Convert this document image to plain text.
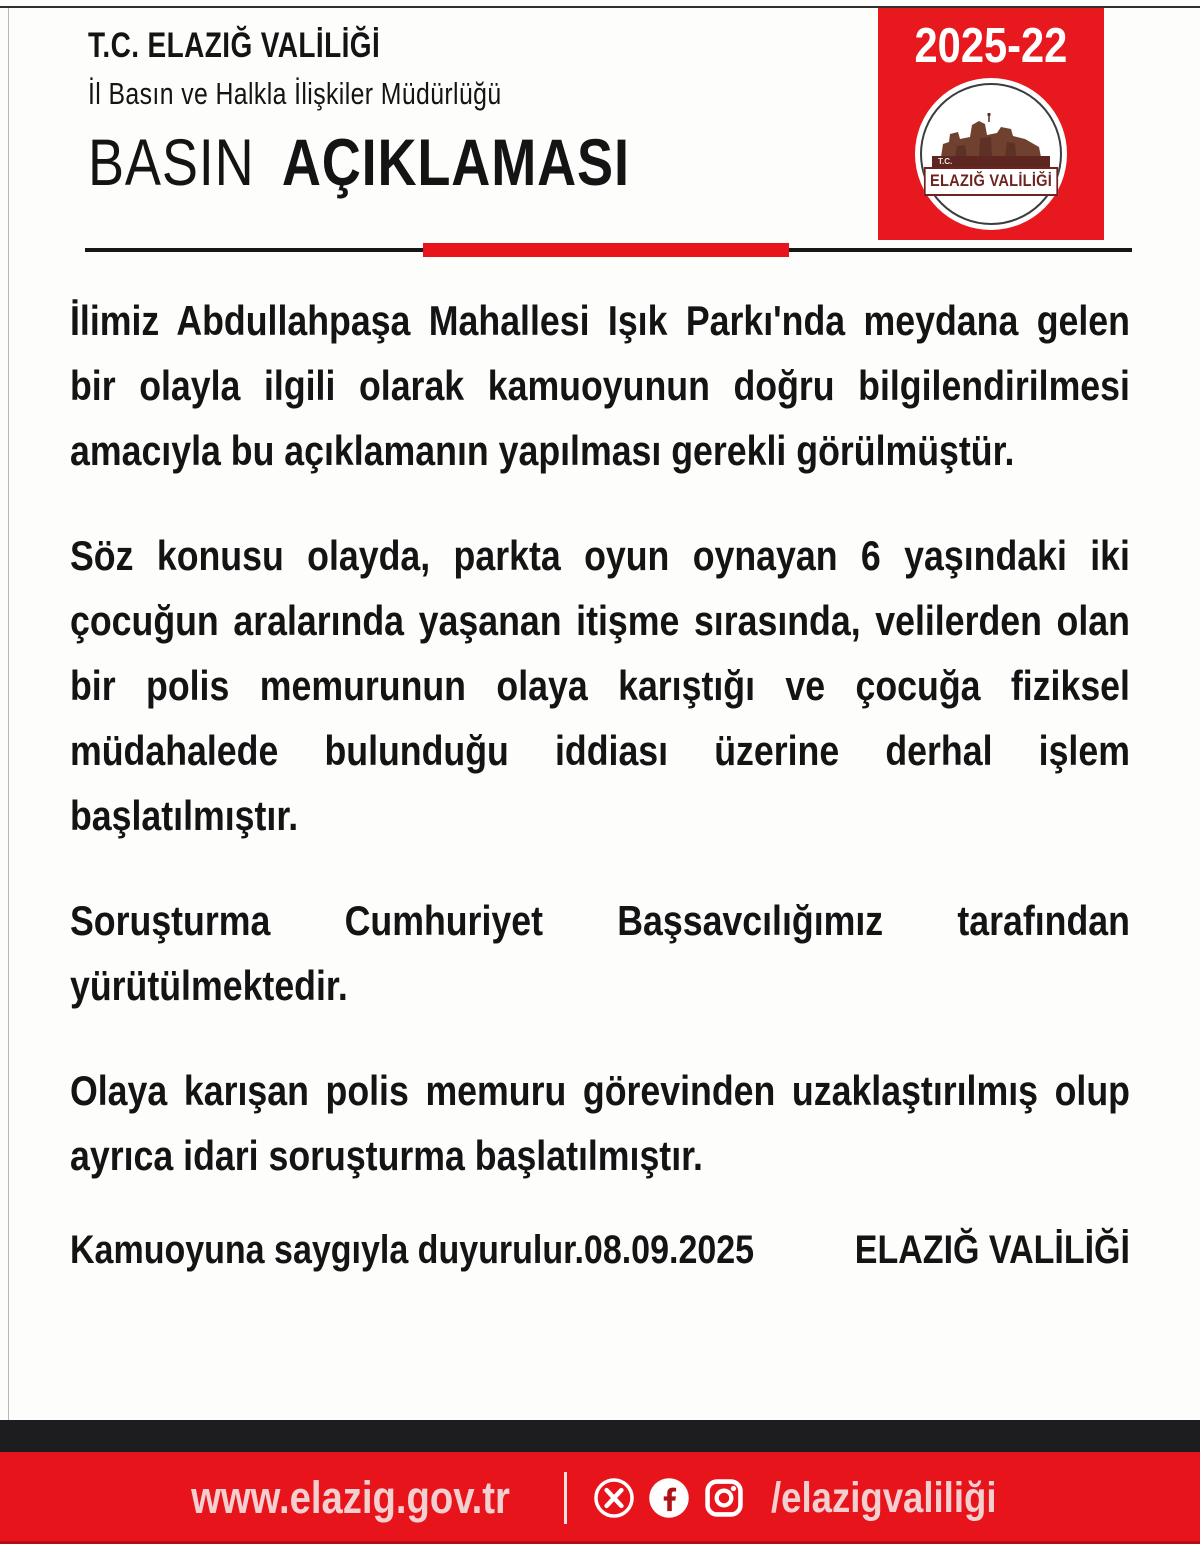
T.C. ELAZIĞ VALİLİĞİ
İl Basın ve Halkla İlişkiler Müdürlüğü
BASIN AÇIKLAMASI
2025-22
T.C.
ELAZIĞ VALİLİĞİ

İlimiz Abdullahpaşa Mahallesi Işık Parkı'nda meydana gelen bir olayla ilgili olarak kamuoyunun doğru bilgilendirilmesi amacıyla bu açıklamanın yapılması gerekli görülmüştür.

Söz konusu olayda, parkta oyun oynayan 6 yaşındaki iki çocuğun aralarında yaşanan itişme sırasında, velilerden olan bir polis memurunun olaya karıştığı ve çocuğa fiziksel müdahalede bulunduğu iddiası üzerine derhal işlem başlatılmıştır.

Soruşturma Cumhuriyet Başsavcılığımız tarafından yürütülmektedir.

Olaya karışan polis memuru görevinden uzaklaştırılmış olup ayrıca idari soruşturma başlatılmıştır.

Kamuoyuna saygıyla duyurulur.08.09.2025	ELAZIĞ VALİLİĞİ
www.elazig.gov.tr	/elazigvaliliği
